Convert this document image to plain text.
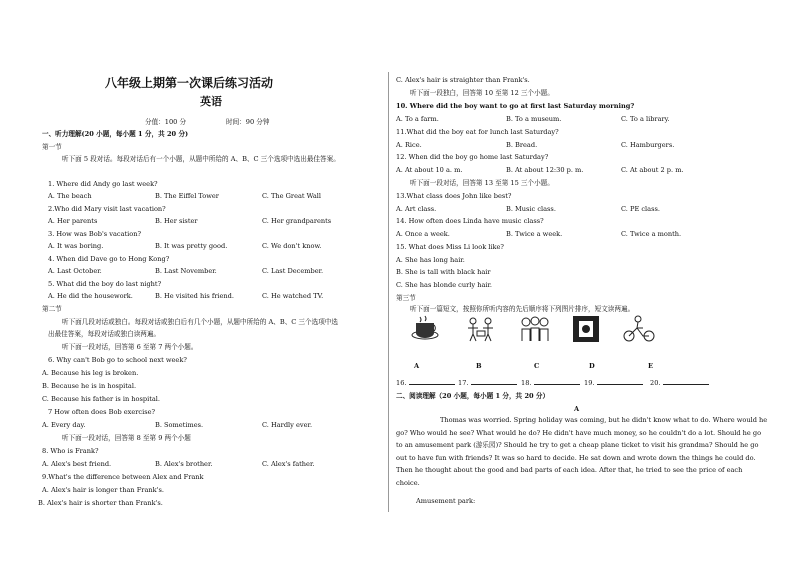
八年级上期第一次课后练习活动
英语
分值：100 分	时间：90 分钟
一、听力理解(20 小题，每小题 1 分，共 20 分)
第一节
听下面 5 段对话。每段对话后有一个小题，从题中所给的 A、B、C 三个选项中选出最佳答案。
1. Where did Andy go last week?
A. The beach	B. The Eiffel Tower	C. The Great Wall
2.Who did Mary visit last vacation?
A. Her parents	B. Her sister	C. Her grandparents
3. How was Bob's vacation?
A. It was boring.	B. It was pretty good.	C. We don't know.
4. When did Dave go to Hong Kong?
A. Last October.	B. Last November.	C. Last December.
5. What did the boy do last night?
A. He did the housework.	B. He visited his friend.	C. He watched TV.
第二节
听下面几段对话或独白。每段对话或独白后有几个小题，从题中所给的 A、B、C 三个选项中选
出最佳答案，每段对话或独白读两遍。
听下面一段对话，回答第 6 至第 7 两个小题。
6. Why can't Bob go to school next week?
A. Because his leg is broken.
B. Because he is in hospital.
C. Because his father is in hospital.
7 How often does Bob exercise?
A. Every day.	B. Sometimes.	C. Hardly ever.
听下面一段对话，回答第 8 至第 9 两个小题
8. Who is Frank?
A. Alex's best friend.	B. Alex's brother.	C. Alex's father.
9.What's the difference between Alex and Frank
A. Alex's hair is longer than Frank's.
B. Alex's hair is shorter than Frank's.
C. Alex's hair is straighter than Frank's.
听下面一段独白，回答第 10 至第 12 三个小题。
10. Where did the boy want to go at first last Saturday morning?
A. To a farm.	B. To a museum.	C. To a library.
11.What did the boy eat for lunch last Saturday?
A. Rice.	B. Bread.	C. Hamburgers.
12. When did the boy go home last Saturday?
A. At about 10 a. m.	B. At about 12:30 p. m.	C. At about 2 p. m.
听下面一段对话，回答第 13 至第 15 三个小题。
13.What class does John like best?
A. Art class.	B. Music class.	C. PE class.
14. How often does Linda have music class?
A. Once a week.	B. Twice a week.	C. Twice a month.
15. What does Miss Li look like?
A. She has long hair.
B. She is tall with black hair
C. She has blonde curly hair.
第三节
听下面一篇短文，按照你所听内容的先后顺序将下列图片排序，短文读两遍。
A	B	C	D	E
16.	17.	18.	19.	20.
二、阅读理解（20 小题，每小题 1 分，共 20 分）
A
Thomas was worried. Spring holiday was coming, but he didn't know what to do. Where would he go? Who would he see? What would he do? He didn't have much money, so he couldn't do a lot. Should he go to an amusement park (游乐园)? Should he try to get a cheap plane ticket to visit his grandma? Should he go out to have fun with friends? It was so hard to decide. He sat down and wrote down the things he could do. Then he thought about the good and bad parts of each idea. After that, he tried to see the price of each choice.
Amusement park:
